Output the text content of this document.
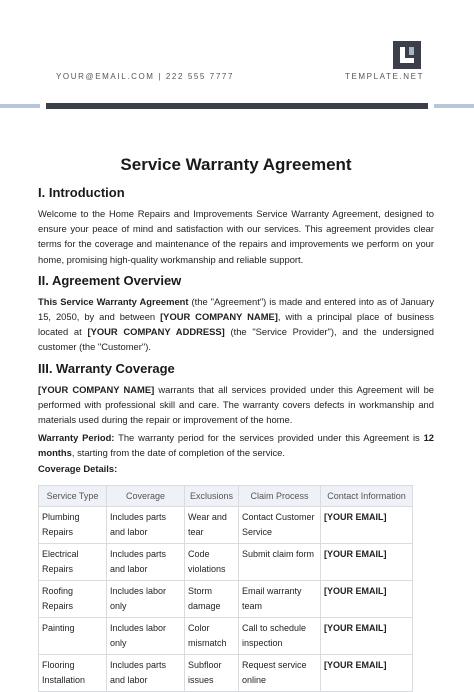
YOUR@EMAIL.COM | 222 555 7777	TEMPLATE.NET
Service Warranty Agreement
I. Introduction

Welcome to the Home Repairs and Improvements Service Warranty Agreement, designed to ensure your peace of mind and satisfaction with our services. This agreement provides clear terms for the coverage and maintenance of the repairs and improvements we perform on your home, promising high-quality workmanship and reliable support.

II. Agreement Overview

This Service Warranty Agreement (the "Agreement") is made and entered into as of January 15, 2050, by and between [YOUR COMPANY NAME], with a principal place of business located at [YOUR COMPANY ADDRESS] (the "Service Provider"), and the undersigned customer (the "Customer").

III. Warranty Coverage

[YOUR COMPANY NAME] warrants that all services provided under this Agreement will be performed with professional skill and care. The warranty covers defects in workmanship and materials used during the repair or improvement of the home.

Warranty Period: The warranty period for the services provided under this Agreement is 12 months, starting from the date of completion of the service.

Coverage Details:

Service Type	Coverage	Exclusions	Claim Process	Contact Information
Plumbing Repairs	Includes parts and labor	Wear and tear	Contact Customer Service	[YOUR EMAIL]
Electrical Repairs	Includes parts and labor	Code violations	Submit claim form	[YOUR EMAIL]
Roofing Repairs	Includes labor only	Storm damage	Email warranty team	[YOUR EMAIL]
Painting	Includes labor only	Color mismatch	Call to schedule inspection	[YOUR EMAIL]
Flooring Installation	Includes parts and labor	Subfloor issues	Request service online	[YOUR EMAIL]
